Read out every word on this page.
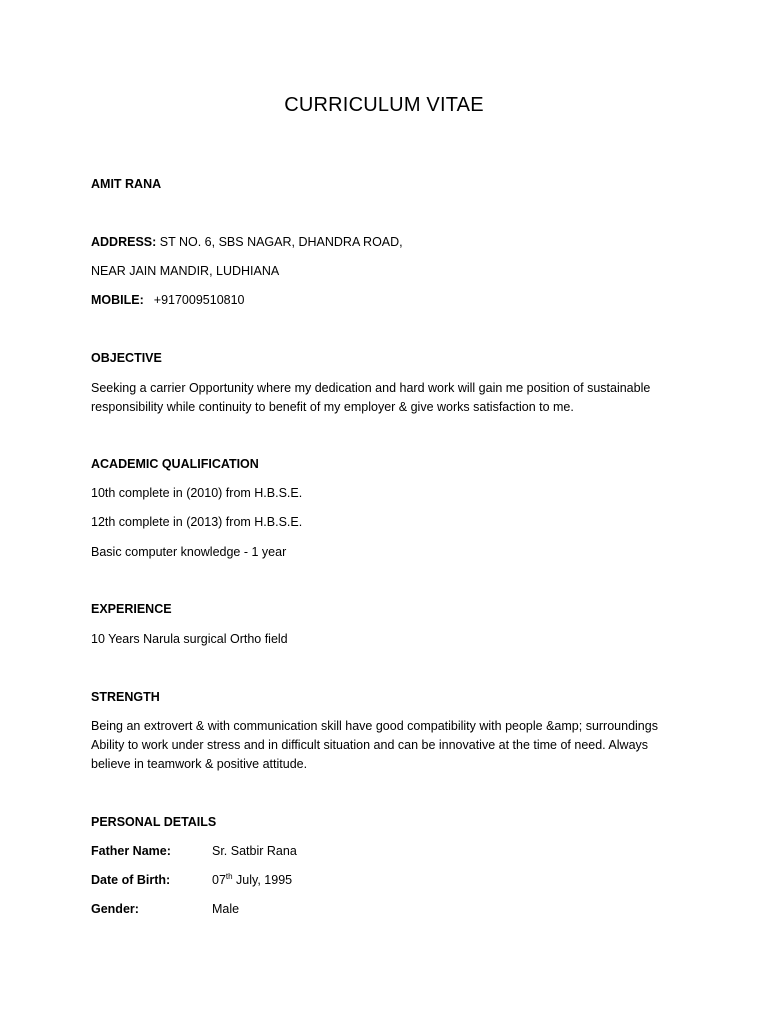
CURRICULUM VITAE
AMIT RANA
ADDRESS: ST NO. 6, SBS NAGAR, DHANDRA ROAD,
NEAR JAIN MANDIR, LUDHIANA
MOBILE: +917009510810
OBJECTIVE
Seeking a carrier Opportunity where my dedication and hard work will gain me position of sustainable responsibility while continuity to benefit of my employer & give works satisfaction to me.
ACADEMIC QUALIFICATION
10th complete in (2010) from H.B.S.E.
12th complete in (2013) from H.B.S.E.
Basic computer knowledge - 1 year
EXPERIENCE
10 Years Narula surgical Ortho field
STRENGTH
Being an extrovert & with communication skill have good compatibility with people &amp; surroundings Ability to work under stress and in difficult situation and can be innovative at the time of need. Always believe in teamwork & positive attitude.
PERSONAL DETAILS
Father Name:	Sr. Satbir Rana
Date of Birth:	07th July, 1995
Gender:	Male
